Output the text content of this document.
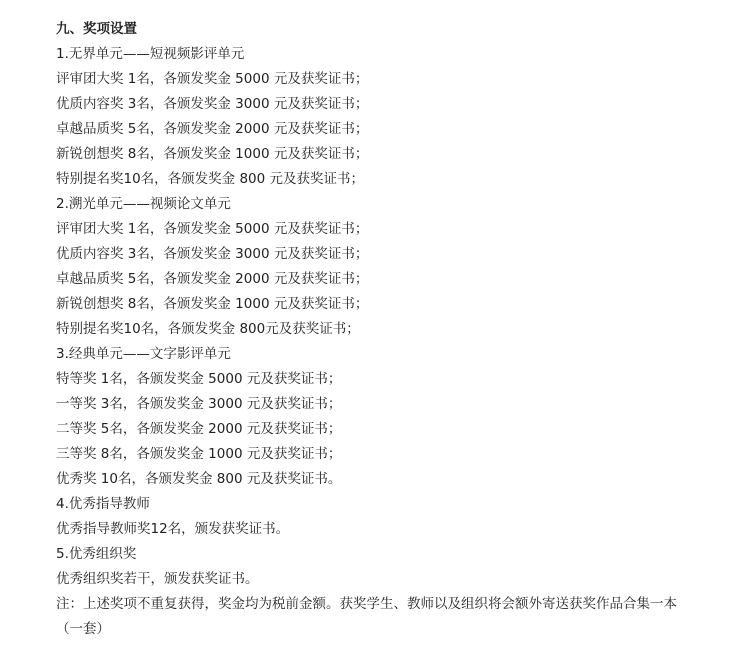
九、奖项设置
1.无界单元——短视频影评单元
评审团大奖 1名，各颁发奖金 5000 元及获奖证书；
优质内容奖 3名，各颁发奖金 3000 元及获奖证书；
卓越品质奖 5名，各颁发奖金 2000 元及获奖证书；
新锐创想奖 8名，各颁发奖金 1000 元及获奖证书；
特别提名奖10名，各颁发奖金 800 元及获奖证书；
2.溯光单元——视频论文单元
评审团大奖 1名，各颁发奖金 5000 元及获奖证书；
优质内容奖 3名，各颁发奖金 3000 元及获奖证书；
卓越品质奖 5名，各颁发奖金 2000 元及获奖证书；
新锐创想奖 8名，各颁发奖金 1000 元及获奖证书；
特别提名奖10名，各颁发奖金 800元及获奖证书；
3.经典单元——文字影评单元
特等奖 1名，各颁发奖金 5000 元及获奖证书；
一等奖 3名，各颁发奖金 3000 元及获奖证书；
二等奖 5名，各颁发奖金 2000 元及获奖证书；
三等奖 8名，各颁发奖金 1000 元及获奖证书；
优秀奖 10名，各颁发奖金 800 元及获奖证书。
4.优秀指导教师
优秀指导教师奖12名，颁发获奖证书。
5.优秀组织奖
优秀组织奖若干，颁发获奖证书。
注：上述奖项不重复获得，奖金均为税前金额。获奖学生、教师以及组织将会额外寄送获奖作品合集一本（一套）
